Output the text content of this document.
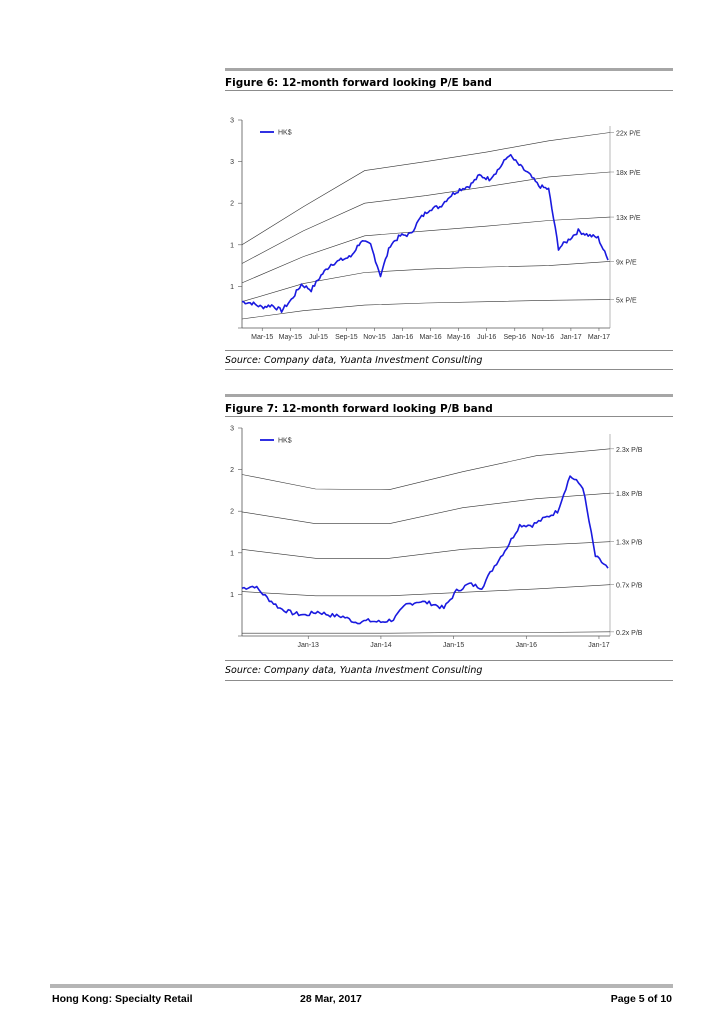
Figure 6: 12-month forward looking P/E band
3
3
2
1
1
Mar-15 May-15 Jul-15 Sep-15 Nov-15 Jan-16 Mar-16 May-16 Jul-16 Sep-16 Nov-16 Jan-17 Mar-17
22x P/E
18x P/E
13x P/E
9x P/E
5x P/E
HK$
Source: Company data, Yuanta Investment Consulting
Figure 7: 12-month forward looking P/B band
3
2
2
1
1
Jan-13	Jan-14	Jan-15	Jan-16	Jan-17
2.3x P/B
1.8x P/B
1.3x P/B
0.7x P/B
0.2x P/B
HK$
Source: Company data, Yuanta Investment Consulting
Hong Kong: Specialty Retail	28 Mar, 2017	Page 5 of 10
